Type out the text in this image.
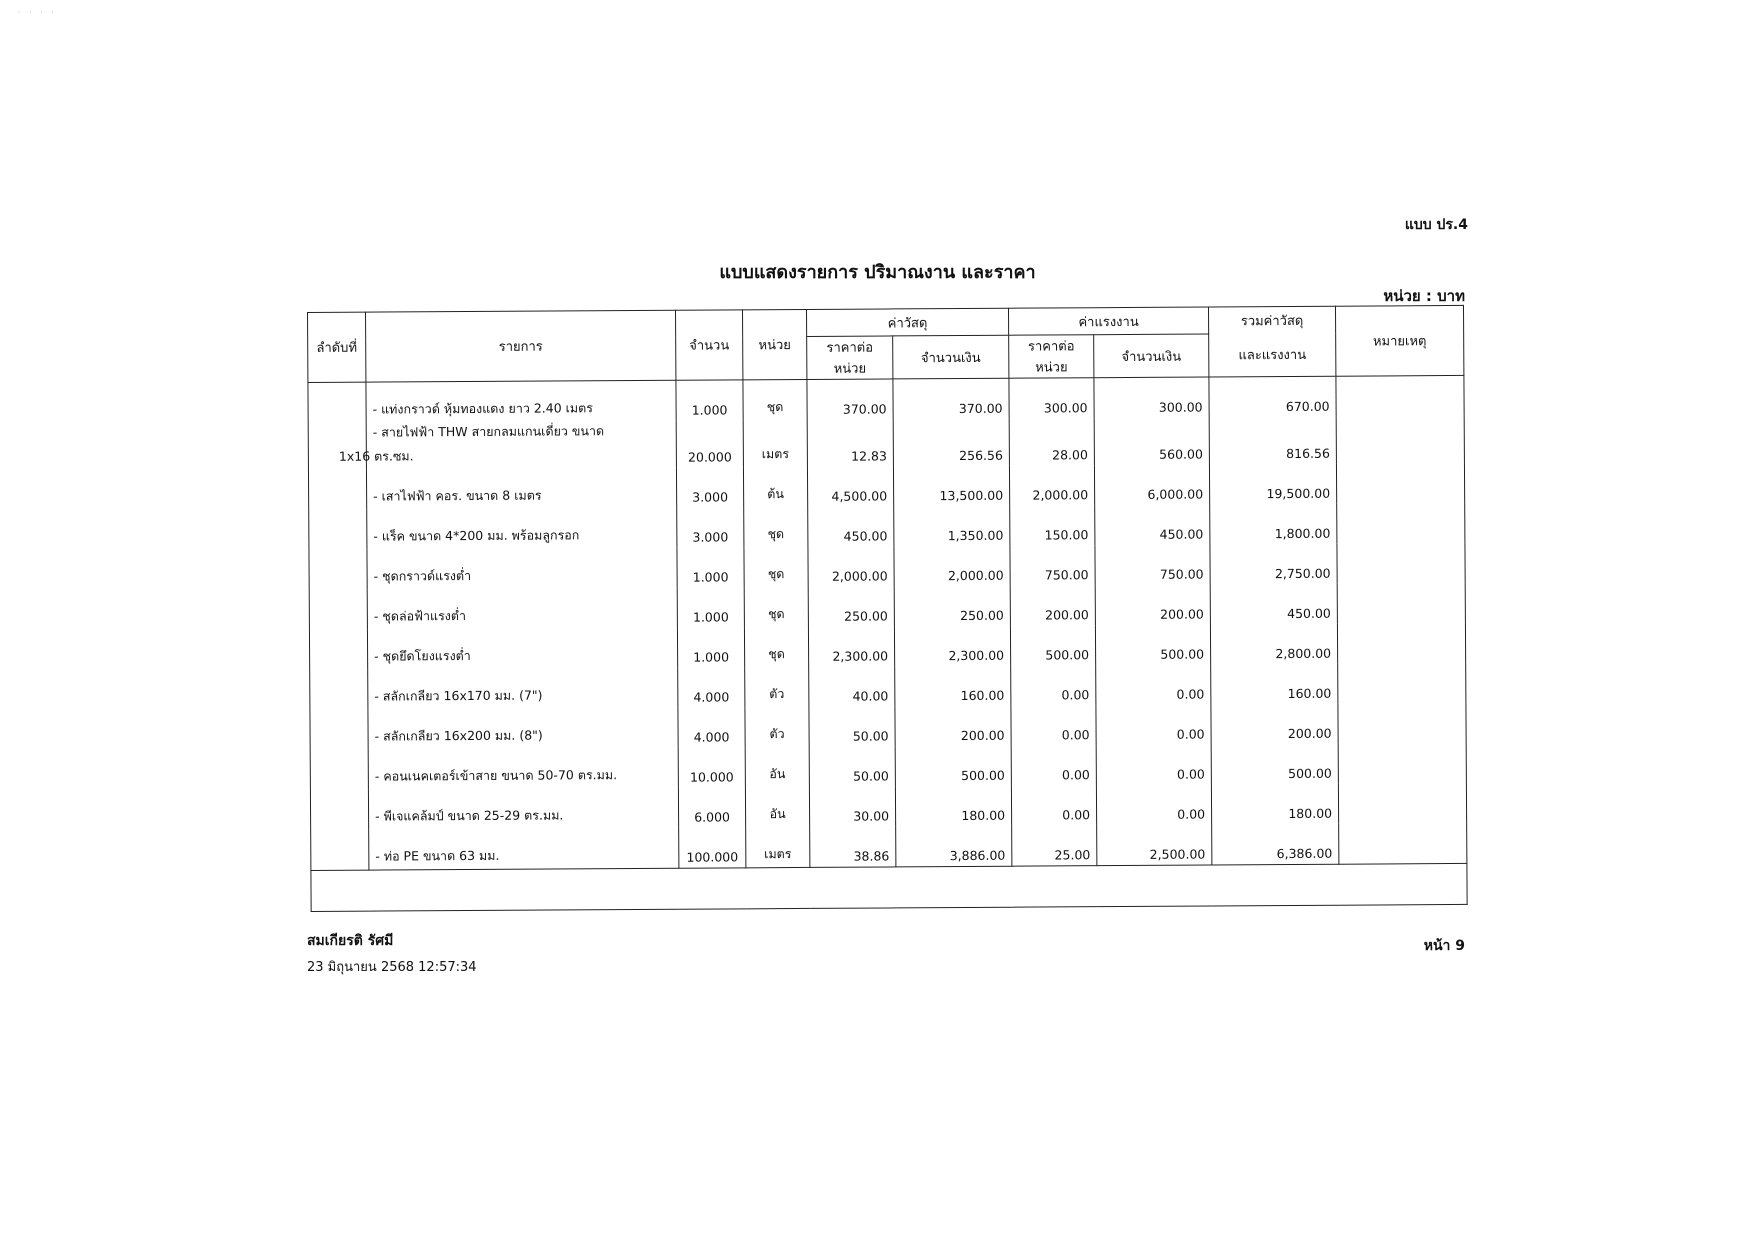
· · · ·
แบบ ปร.4
แบบแสดงรายการ ปริมาณงาน และราคา
หน่วย : บาท
ลำดับที่	รายการ	จำนวน	หน่วย	ค่าวัสดุ		ค่าแรงงาน		รวมค่าวัสดุ	หมายเหตุ
				ราคาต่อหน่วย	จำนวนเงิน	ราคาต่อหน่วย	จำนวนเงิน	และแรงงาน	
	- แท่งกราวด์ หุ้มทองแดง ยาว 2.40 เมตร	1.000	ชุด	370.00	370.00	300.00	300.00	670.00	
	- สายไฟฟ้า THW สายกลมแกนเดี่ยว ขนาด
1x16 ตร.ซม.	20.000	เมตร	12.83	256.56	28.00	560.00	816.56	
	- เสาไฟฟ้า คอร. ขนาด 8 เมตร	3.000	ต้น	4,500.00	13,500.00	2,000.00	6,000.00	19,500.00	
	- แร็ค ขนาด 4*200 มม. พร้อมลูกรอก	3.000	ชุด	450.00	1,350.00	150.00	450.00	1,800.00	
	- ชุดกราวด์แรงต่ำ	1.000	ชุด	2,000.00	2,000.00	750.00	750.00	2,750.00	
	- ชุดล่อฟ้าแรงต่ำ	1.000	ชุด	250.00	250.00	200.00	200.00	450.00	
	- ชุดยึดโยงแรงต่ำ	1.000	ชุด	2,300.00	2,300.00	500.00	500.00	2,800.00	
	- สลักเกลียว 16x170 มม. (7")	4.000	ตัว	40.00	160.00	0.00	0.00	160.00	
	- สลักเกลียว 16x200 มม. (8")	4.000	ตัว	50.00	200.00	0.00	0.00	200.00	
	- คอนเนคเตอร์เข้าสาย ขนาด 50-70 ตร.มม.	10.000	อัน	50.00	500.00	0.00	0.00	500.00	
	- พีเจแคล้มป์ ขนาด 25-29 ตร.มม.	6.000	อัน	30.00	180.00	0.00	0.00	180.00	
	- ท่อ PE ขนาด 63 มม.	100.000	เมตร	38.86	3,886.00	25.00	2,500.00	6,386.00	

สมเกียรติ รัศมี
23 มิถุนายน 2568 12:57:34
หน้า 9
